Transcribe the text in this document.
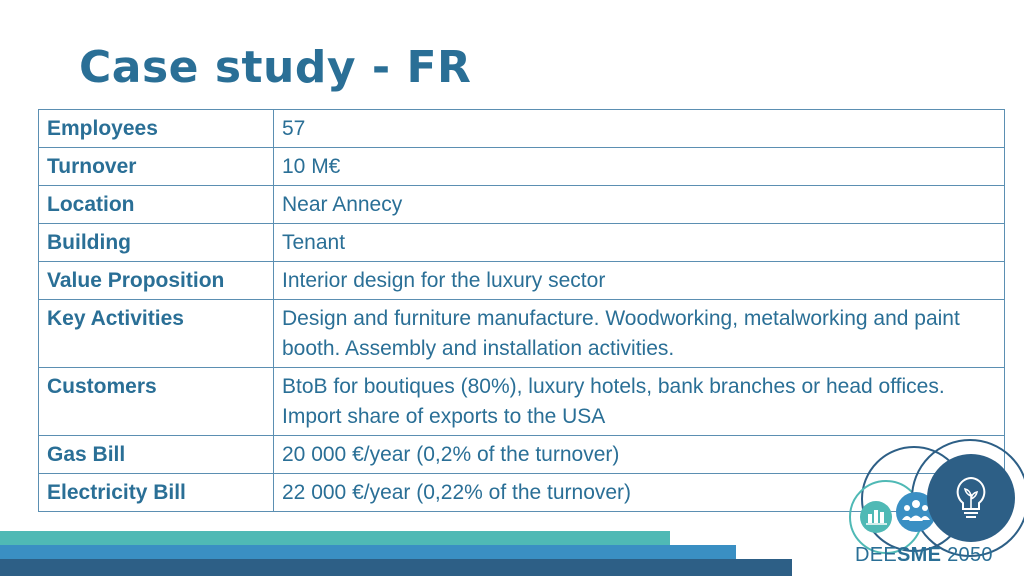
Case study - FR
Employees	57
Turnover	10 M€
Location	Near Annecy
Building	Tenant
Value Proposition	Interior design for the luxury sector
Key Activities	Design and furniture manufacture. Woodworking, metalworking and paint booth. Assembly and installation activities.
Customers	BtoB for boutiques (80%), luxury hotels, bank branches or head offices. Import share of exports to the USA
Gas Bill	20 000 €/year (0,2% of the turnover)
Electricity Bill	22 000 €/year (0,22% of the turnover)
DEESME 2050
